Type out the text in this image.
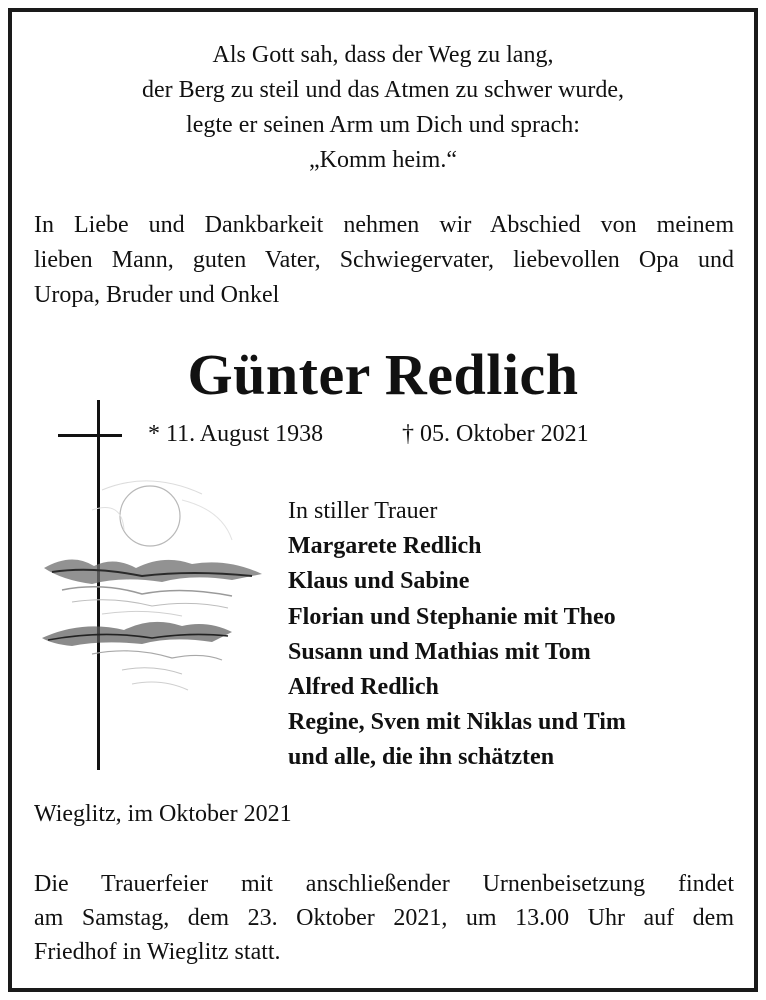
Als Gott sah, dass der Weg zu lang,
der Berg zu steil und das Atmen zu schwer wurde,
legte er seinen Arm um Dich und sprach:
„Komm heim.“
In Liebe und Dankbarkeit nehmen wir Abschied von meinem
lieben Mann, guten Vater, Schwiegervater, liebevollen Opa und
Uropa, Bruder und Onkel
Günter Redlich
* 11. August 1938	† 05. Oktober 2021
In stiller Trauer
Margarete Redlich
Klaus und Sabine
Florian und Stephanie mit Theo
Susann und Mathias mit Tom
Alfred Redlich
Regine, Sven mit Niklas und Tim
und alle, die ihn schätzten
Wieglitz, im Oktober 2021
Die Trauerfeier mit anschließender Urnenbeisetzung findet
am Samstag, dem 23. Oktober 2021, um 13.00 Uhr auf dem
Friedhof in Wieglitz statt.
